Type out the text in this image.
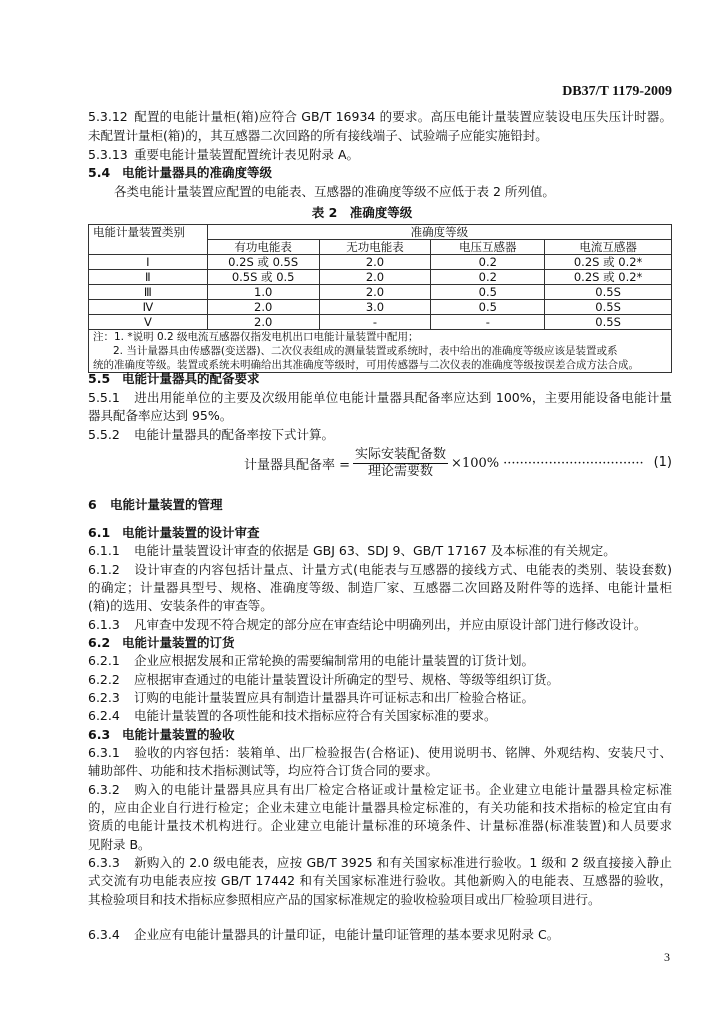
DB37/T 1179-2009
5.3.12 配置的电能计量柜(箱)应符合 GB/T 16934 的要求。高压电能计量装置应装设电压失压计时器。
未配置计量柜(箱)的，其互感器二次回路的所有接线端子、试验端子应能实施铅封。
5.3.13 重要电能计量装置配置统计表见附录 A。
5.4 电能计量器具的准确度等级
各类电能计量装置应配置的电能表、互感器的准确度等级不应低于表 2 所列值。
表 2　准确度等级
电能计量装置类别	准确度等级			
	有功电能表	无功电能表	电压互感器	电流互感器
Ⅰ	0.2S 或 0.5S	2.0	0.2	0.2S 或 0.2*
Ⅱ	0.5S 或 0.5	2.0	0.2	0.2S 或 0.2*
Ⅲ	1.0	2.0	0.5	0.5S
Ⅳ	2.0	3.0	0.5	0.5S
Ⅴ	2.0	-	-	0.5S

注：1. *说明 0.2 级电流互感器仅指发电机出口电能计量装置中配用；
2. 当计量器具由传感器(变送器)、二次仪表组成的测量装置或系统时，表中给出的准确度等级应该是装置或系
统的准确度等级。装置或系统未明确给出其准确度等级时，可用传感器与二次仪表的准确度等级按误差合成方法合成。				
5.5 电能计量器具的配备要求
5.5.1 进出用能单位的主要及次级用能单位电能计量器具配备率应达到 100%，主要用能设备电能计量
器具配备率应达到 95%。
5.5.2 电能计量器具的配备率按下式计算。
计量器具配备率 = $\frac{\text{实际安装配备数}}{\text{理论需要数}} \times 100\%$ ·································· (1)
6 电能计量装置的管理
6.1 电能计量装置的设计审查
6.1.1 电能计量装置设计审查的依据是 GBJ 63、SDJ 9、GB/T 17167 及本标准的有关规定。
6.1.2 设计审查的内容包括计量点、计量方式(电能表与互感器的接线方式、电能表的类别、装设套数)
的确定；计量器具型号、规格、准确度等级、制造厂家、互感器二次回路及附件等的选择、电能计量柜
(箱)的选用、安装条件的审查等。
6.1.3 凡审查中发现不符合规定的部分应在审查结论中明确列出，并应由原设计部门进行修改设计。
6.2 电能计量装置的订货
6.2.1 企业应根据发展和正常轮换的需要编制常用的电能计量装置的订货计划。
6.2.2 应根据审查通过的电能计量装置设计所确定的型号、规格、等级等组织订货。
6.2.3 订购的电能计量装置应具有制造计量器具许可证标志和出厂检验合格证。
6.2.4 电能计量装置的各项性能和技术指标应符合有关国家标准的要求。
6.3 电能计量装置的验收
6.3.1 验收的内容包括：装箱单、出厂检验报告(合格证)、使用说明书、铭牌、外观结构、安装尺寸、
辅助部件、功能和技术指标测试等，均应符合订货合同的要求。
6.3.2 购入的电能计量器具应具有出厂检定合格证或计量检定证书。企业建立电能计量器具检定标准
的，应由企业自行进行检定；企业未建立电能计量器具检定标准的，有关功能和技术指标的检定宜由有
资质的电能计量技术机构进行。企业建立电能计量标准的环境条件、计量标准器(标准装置)和人员要求
见附录 B。
6.3.3 新购入的 2.0 级电能表，应按 GB/T 3925 和有关国家标准进行验收。1 级和 2 级直接接入静止
式交流有功电能表应按 GB/T 17442 和有关国家标准进行验收。其他新购入的电能表、互感器的验收，
其检验项目和技术指标应参照相应产品的国家标准规定的验收检验项目或出厂检验项目进行。
6.3.4 企业应有电能计量器具的计量印证，电能计量印证管理的基本要求见附录 C。
3
